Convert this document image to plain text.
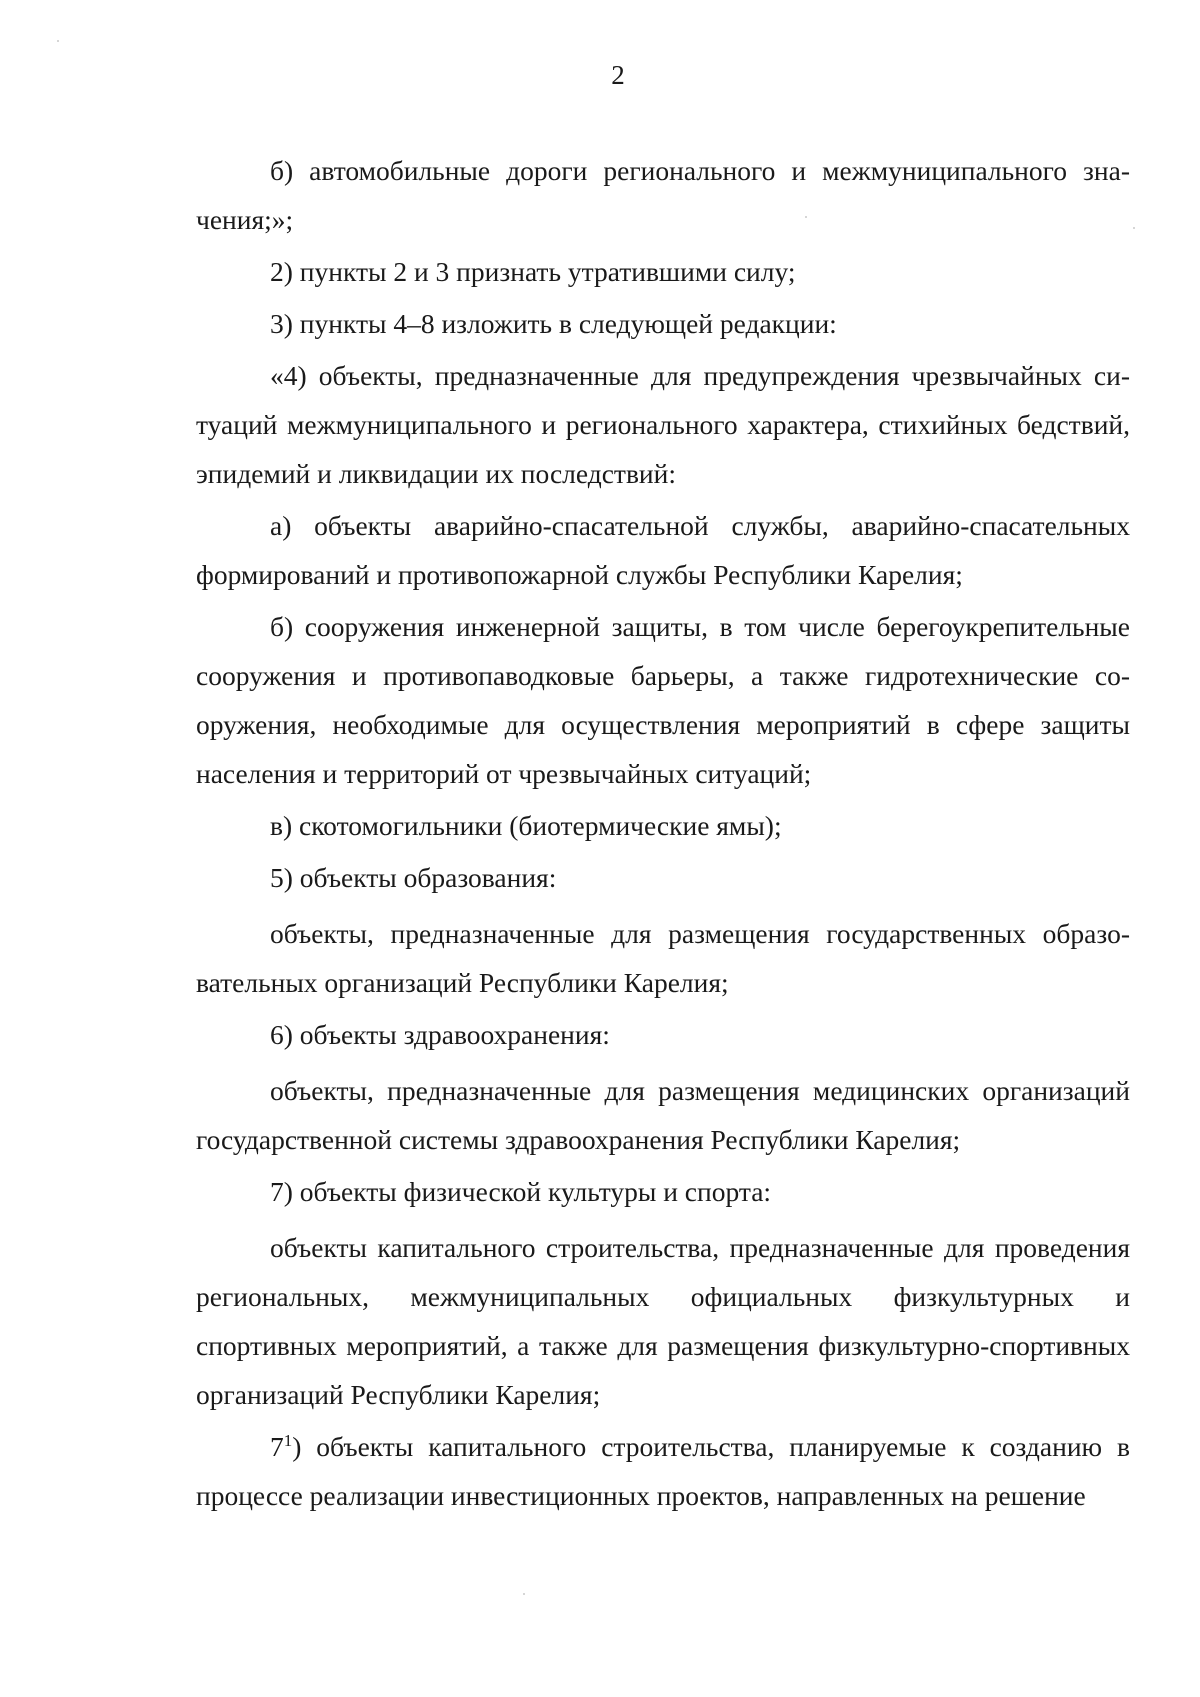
2

б) автомобильные дороги регионального и межмуниципального значения;»;

2) пункты 2 и 3 признать утратившими силу;

3) пункты 4–8 изложить в следующей редакции:

«4) объекты, предназначенные для предупреждения чрезвычайных ситуаций межмуниципального и регионального характера, стихийных бедствий, эпидемий и ликвидации их последствий:

а) объекты аварийно-спасательной службы, аварийно-спасательных формирований и противопожарной службы Республики Карелия;

б) сооружения инженерной защиты, в том числе берегоукрепительные сооружения и противопаводковые барьеры, а также гидротехнические сооружения, необходимые для осуществления мероприятий в сфере защиты населения и территорий от чрезвычайных ситуаций;

в) скотомогильники (биотермические ямы);

5) объекты образования:

объекты, предназначенные для размещения государственных образовательных организаций Республики Карелия;

6) объекты здравоохранения:

объекты, предназначенные для размещения медицинских организаций государственной системы здравоохранения Республики Карелия;

7) объекты физической культуры и спорта:

объекты капитального строительства, предназначенные для проведения региональных, межмуниципальных официальных физкультурных и спортивных мероприятий, а также для размещения физкультурно-спортивных организаций Республики Карелия;

$7^1$) объекты капитального строительства, планируемые к созданию в процессе реализации инвестиционных проектов, направленных на решение
